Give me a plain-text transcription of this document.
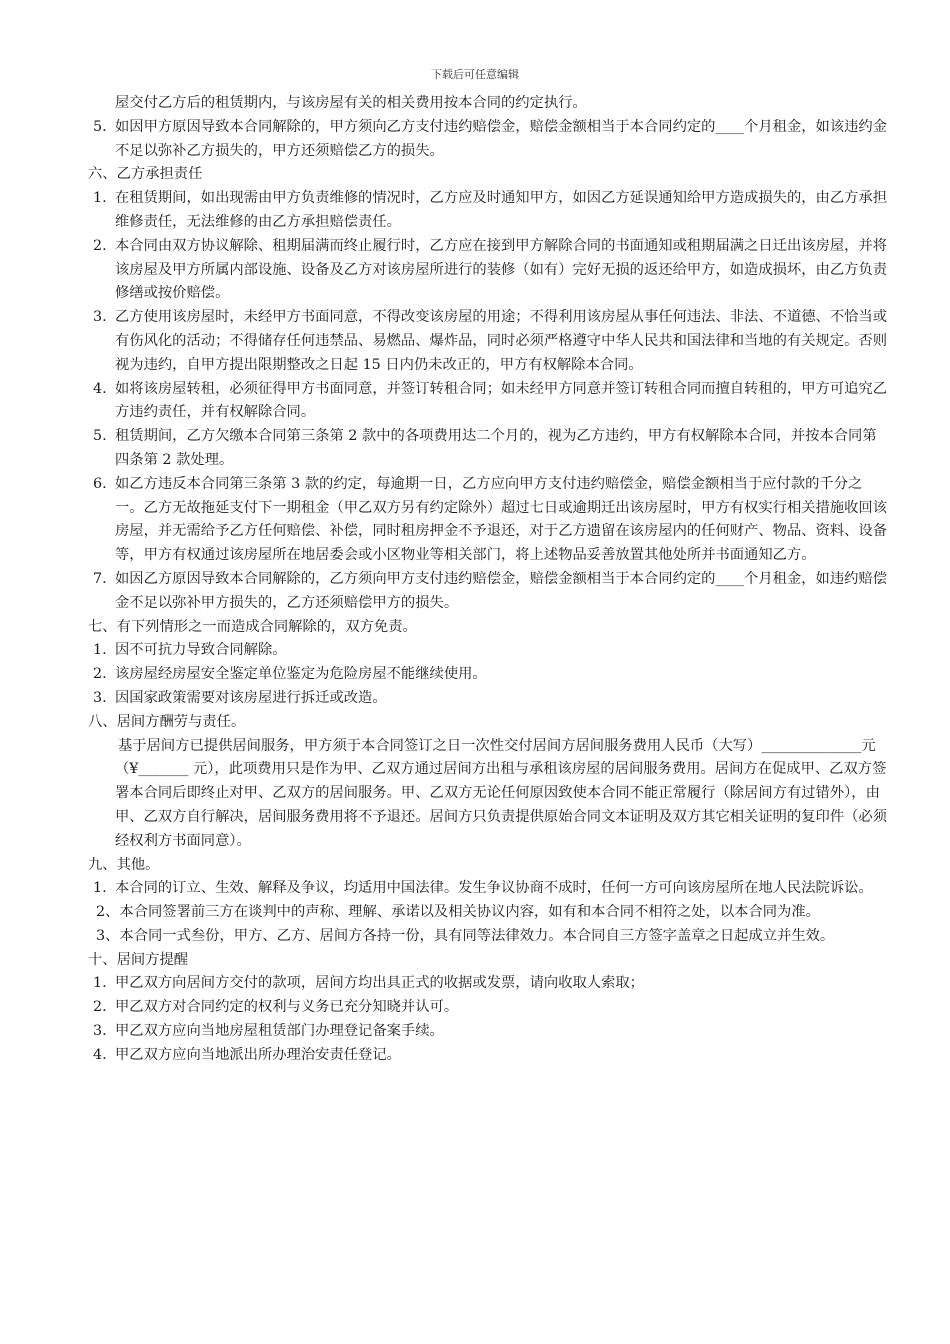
下载后可任意编辑
屋交付乙方后的租赁期内，与该房屋有关的相关费用按本合同的约定执行。
5. 如因甲方原因导致本合同解除的，甲方须向乙方支付违约赔偿金，赔偿金额相当于本合同约定的____个月租金，如该违约金不足以弥补乙方损失的，甲方还须赔偿乙方的损失。
六、乙方承担责任
1. 在租赁期间，如出现需由甲方负责维修的情况时，乙方应及时通知甲方，如因乙方延误通知给甲方造成损失的，由乙方承担维修责任，无法维修的由乙方承担赔偿责任。
2. 本合同由双方协议解除、租期届满而终止履行时，乙方应在接到甲方解除合同的书面通知或租期届满之日迁出该房屋，并将该房屋及甲方所属内部设施、设备及乙方对该房屋所进行的装修（如有）完好无损的返还给甲方，如造成损坏，由乙方负责修缮或按价赔偿。
3. 乙方使用该房屋时，未经甲方书面同意，不得改变该房屋的用途；不得利用该房屋从事任何违法、非法、不道德、不恰当或有伤风化的活动；不得储存任何违禁品、易燃品、爆炸品，同时必须严格遵守中华人民共和国法律和当地的有关规定。否则视为违约，自甲方提出限期整改之日起 15 日内仍未改正的，甲方有权解除本合同。
4. 如将该房屋转租，必须征得甲方书面同意，并签订转租合同；如未经甲方同意并签订转租合同而擅自转租的，甲方可追究乙方违约责任，并有权解除合同。
5. 租赁期间，乙方欠缴本合同第三条第 2 款中的各项费用达二个月的，视为乙方违约，甲方有权解除本合同，并按本合同第四条第 2 款处理。
6. 如乙方违反本合同第三条第 3 款的约定，每逾期一日，乙方应向甲方支付违约赔偿金，赔偿金额相当于应付款的千分之一。乙方无故拖延支付下一期租金（甲乙双方另有约定除外）超过七日或逾期迁出该房屋时，甲方有权实行相关措施收回该房屋，并无需给予乙方任何赔偿、补偿，同时租房押金不予退还，对于乙方遗留在该房屋内的任何财产、物品、资料、设备等，甲方有权通过该房屋所在地居委会或小区物业等相关部门，将上述物品妥善放置其他处所并书面通知乙方。
7. 如因乙方原因导致本合同解除的，乙方须向甲方支付违约赔偿金，赔偿金额相当于本合同约定的____个月租金，如违约赔偿金不足以弥补甲方损失的，乙方还须赔偿甲方的损失。
七、有下列情形之一而造成合同解除的，双方免责。
1. 因不可抗力导致合同解除。
2. 该房屋经房屋安全鉴定单位鉴定为危险房屋不能继续使用。
3. 因国家政策需要对该房屋进行拆迁或改造。
八、居间方酬劳与责任。
基于居间方已提供居间服务，甲方须于本合同签订之日一次性交付居间方居间服务费用人民币（大写）______________元（¥_______ 元），此项费用只是作为甲、乙双方通过居间方出租与承租该房屋的居间服务费用。居间方在促成甲、乙双方签署本合同后即终止对甲、乙双方的居间服务。甲、乙双方无论任何原因致使本合同不能正常履行（除居间方有过错外），由甲、乙双方自行解决，居间服务费用将不予退还。居间方只负责提供原始合同文本证明及双方其它相关证明的复印件（必须经权利方书面同意）。
九、其他。
1. 本合同的订立、生效、解释及争议，均适用中国法律。发生争议协商不成时，任何一方可向该房屋所在地人民法院诉讼。
2、本合同签署前三方在谈判中的声称、理解、承诺以及相关协议内容，如有和本合同不相符之处，以本合同为准。
3、本合同一式叁份，甲方、乙方、居间方各持一份，具有同等法律效力。本合同自三方签字盖章之日起成立并生效。
十、居间方提醒
1. 甲乙双方向居间方交付的款项，居间方均出具正式的收据或发票，请向收取人索取；
2. 甲乙双方对合同约定的权利与义务已充分知晓并认可。
3. 甲乙双方应向当地房屋租赁部门办理登记备案手续。
4. 甲乙双方应向当地派出所办理治安责任登记。
